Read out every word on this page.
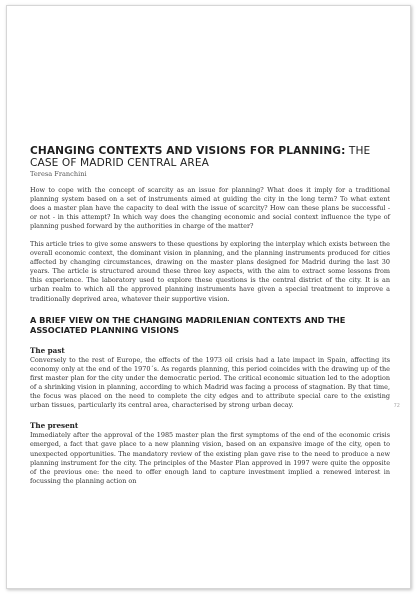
CHANGING CONTEXTS AND VISIONS FOR PLANNING: THE CASE OF MADRID CENTRAL AREA
Teresa Franchini

How to cope with the concept of scarcity as an issue for planning? What does it imply for a traditional planning system based on a set of instruments aimed at guiding the city in the long term? To what extent does a master plan have the capacity to deal with the issue of scarcity? How can these plans be successful - or not - in this attempt? In which way does the changing economic and social context influence the type of planning pushed forward by the authorities in charge of the matter?

This article tries to give some answers to these questions by exploring the interplay which exists between the overall economic context, the dominant vision in planning, and the planning instruments produced for cities affected by changing circumstances, drawing on the master plans designed for Madrid during the last 30 years. The article is structured around these three key aspects, with the aim to extract some lessons from this experience. The laboratory used to explore these questions is the central district of the city. It is an urban realm to which all the approved planning instruments have given a special treatment to improve a traditionally deprived area, whatever their supportive vision.

A BRIEF VIEW ON THE CHANGING MADRILENIAN CONTEXTS AND THE ASSOCIATED PLANNING VISIONS
The past

Conversely to the rest of Europe, the effects of the 1973 oil crisis had a late impact in Spain, affecting its economy only at the end of the 1970´s. As regards planning, this period coincides with the drawing up of the first master plan for the city under the democratic period. The critical economic situation led to the adoption of a shrinking vision in planning, according to which Madrid was facing a process of stagnation. By that time, the focus was placed on the need to complete the city edges and to attribute special care to the existing urban tissues, particularly its central area, characterised by strong urban decay.

The present

Immediately after the approval of the 1985 master plan the first symptoms of the end of the economic crisis emerged, a fact that gave place to a new planning vision, based on an expansive image of the city, open to unexpected opportunities. The mandatory review of the existing plan gave rise to the need to produce a new planning instrument for the city. The principles of the Master Plan approved in 1997 were quite the opposite of the previous one: the need to offer enough land to capture investment implied a renewed interest in focussing the planning action on

72
